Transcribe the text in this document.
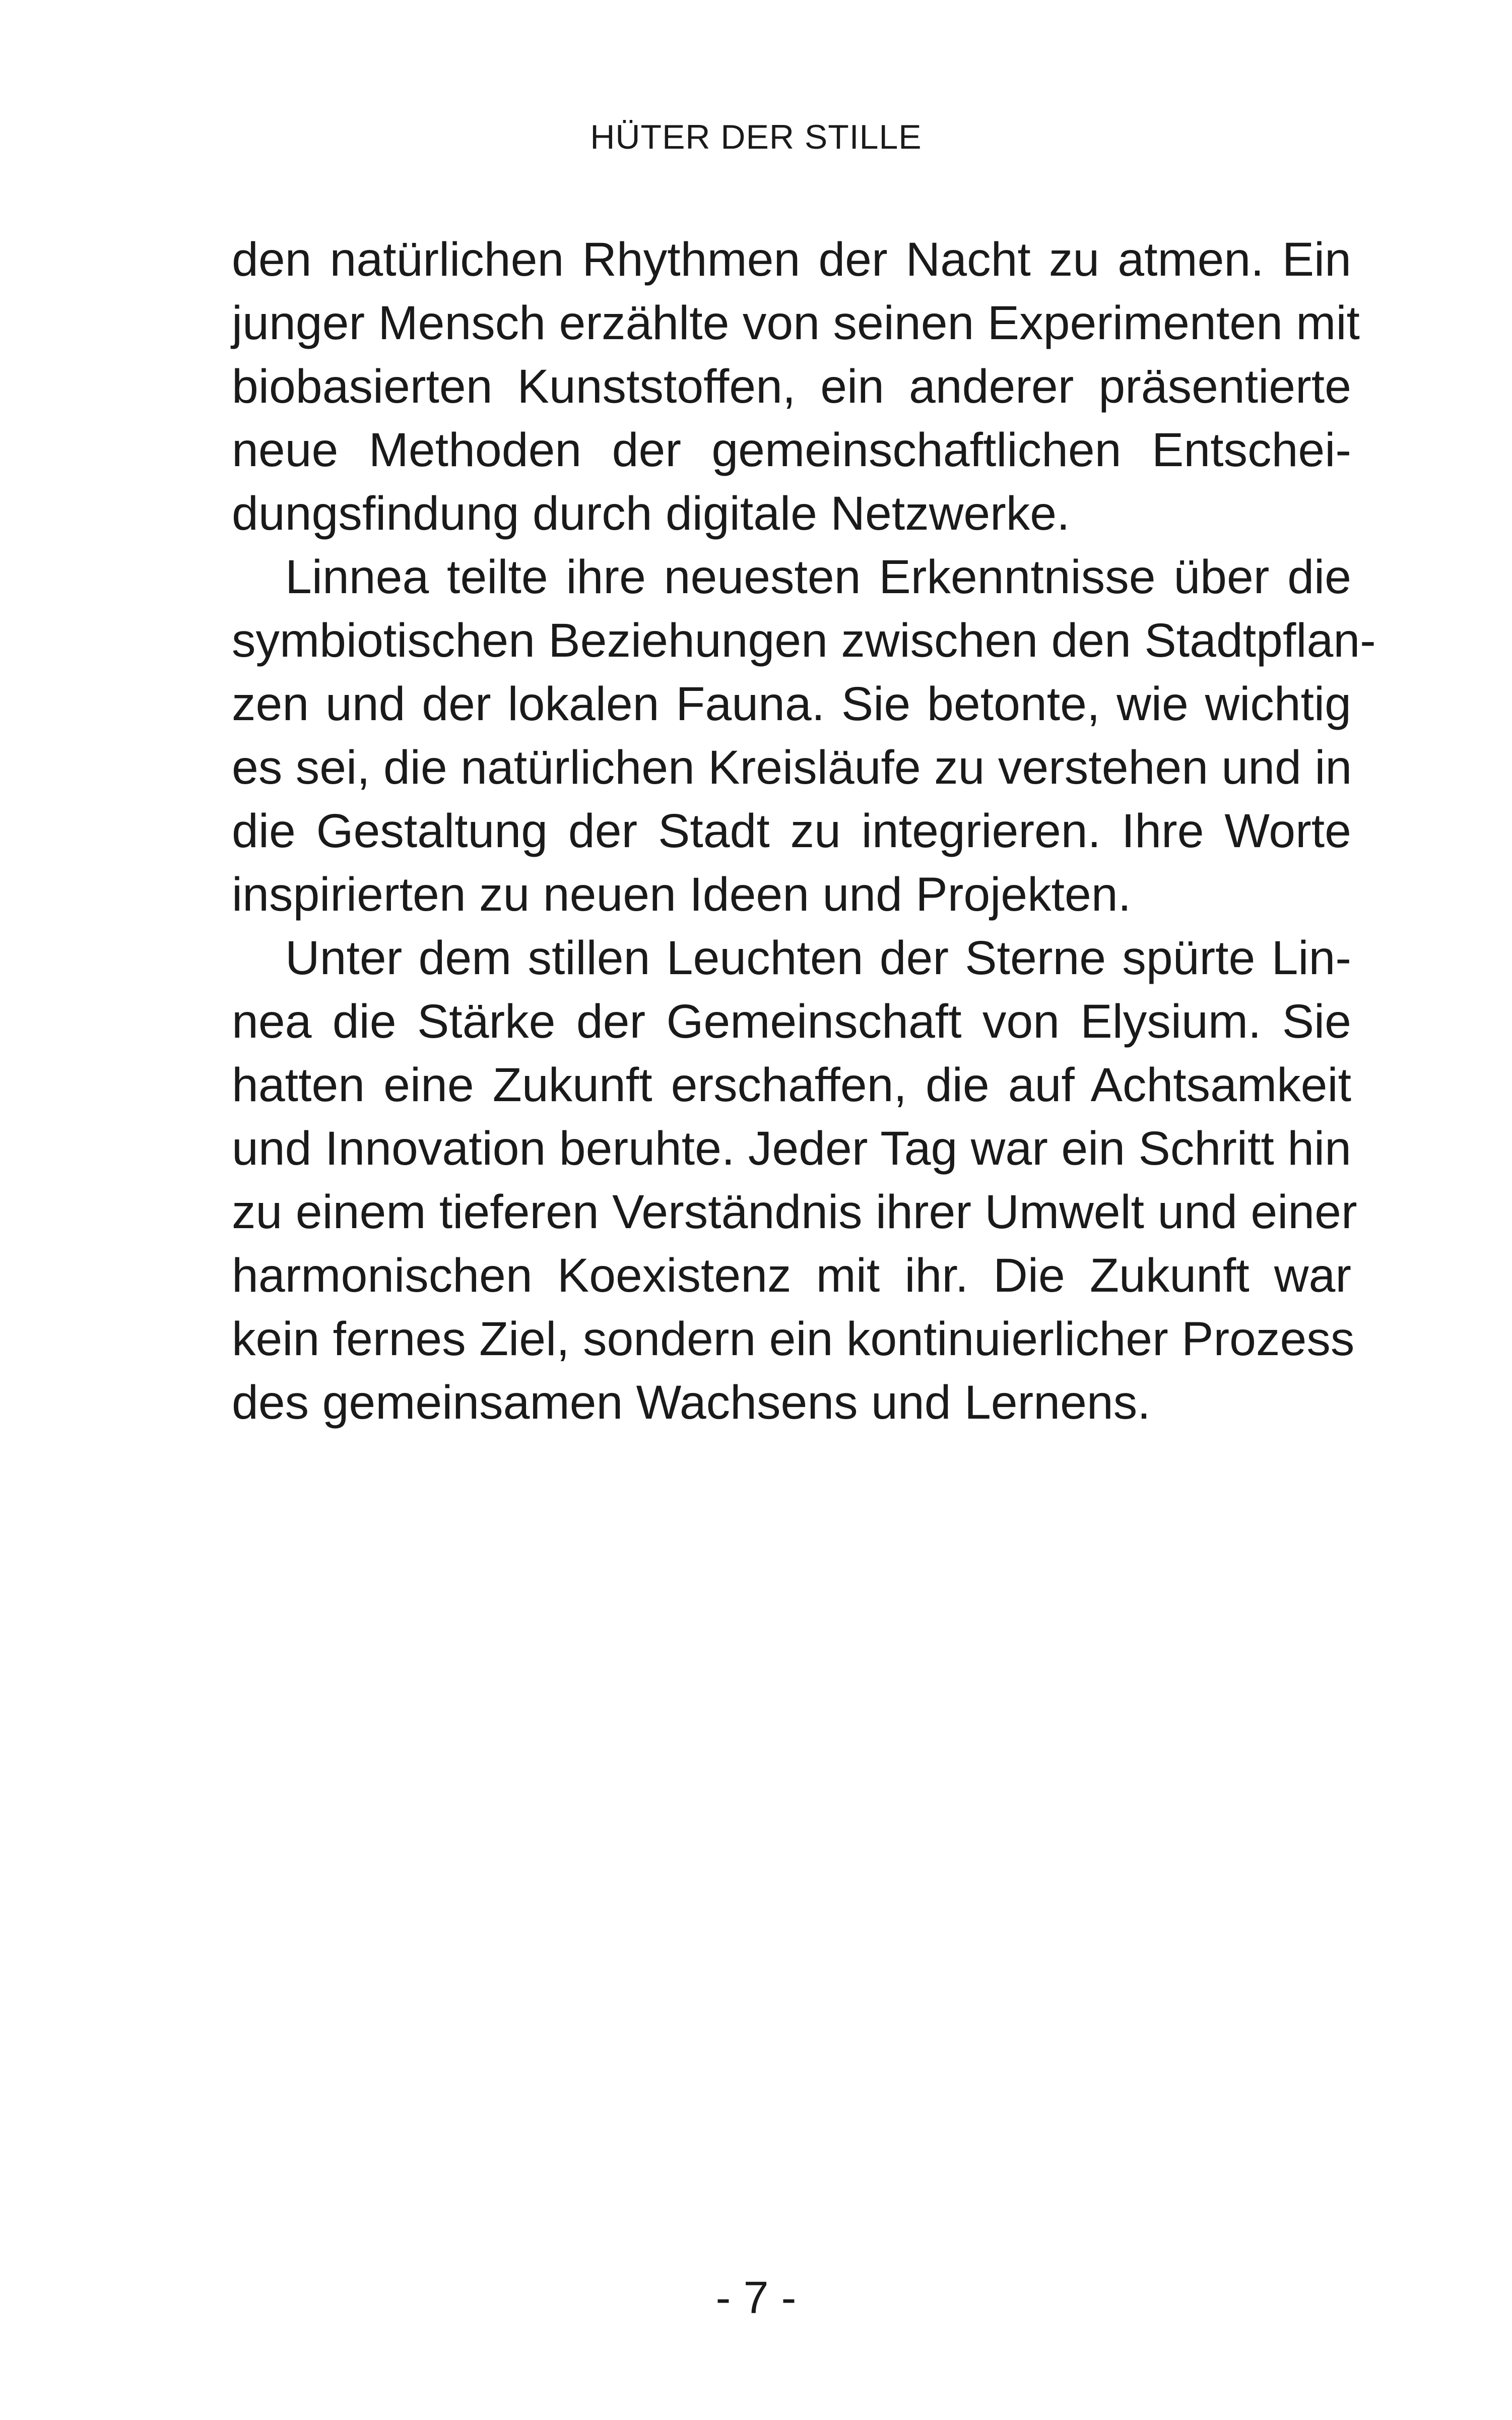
HÜTER DER STILLE
den natürlichen Rhythmen der Nacht zu atmen. Ein
junger Mensch erzählte von seinen Experimenten mit
biobasierten Kunststoffen, ein anderer präsentierte
neue Methoden der gemeinschaftlichen Entschei-
dungsfindung durch digitale Netzwerke.
Linnea teilte ihre neuesten Erkenntnisse über die
symbiotischen Beziehungen zwischen den Stadtpflan-
zen und der lokalen Fauna. Sie betonte, wie wichtig
es sei, die natürlichen Kreisläufe zu verstehen und in
die Gestaltung der Stadt zu integrieren. Ihre Worte
inspirierten zu neuen Ideen und Projekten.
Unter dem stillen Leuchten der Sterne spürte Lin-
nea die Stärke der Gemeinschaft von Elysium. Sie
hatten eine Zukunft erschaffen, die auf Achtsamkeit
und Innovation beruhte. Jeder Tag war ein Schritt hin
zu einem tieferen Verständnis ihrer Umwelt und einer
harmonischen Koexistenz mit ihr. Die Zukunft war
kein fernes Ziel, sondern ein kontinuierlicher Prozess
des gemeinsamen Wachsens und Lernens.
- 7 -
